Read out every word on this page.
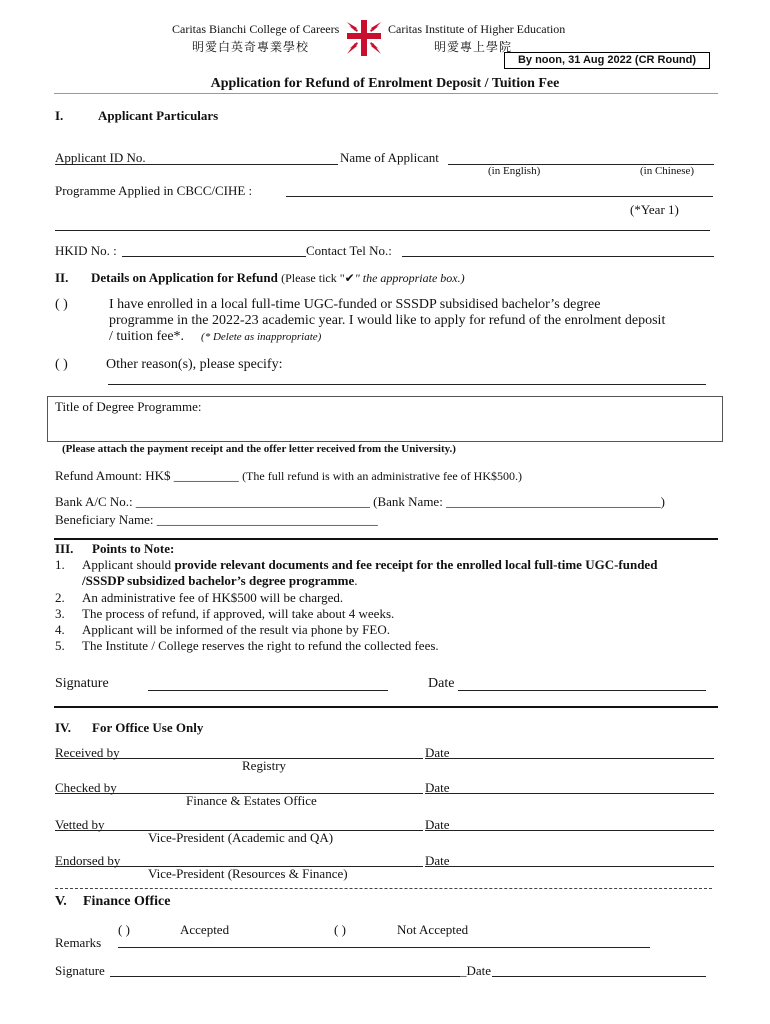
Caritas Bianchi College of Careers
明愛白英奇專業學校
Caritas Institute of Higher Education
明愛專上學院
By noon, 31 Aug 2022 (CR Round)
Application for Refund of Enrolment Deposit / Tuition Fee
I.	Applicant Particulars
Applicant ID No.	Name of Applicant
(in English)	(in Chinese)
Programme Applied in CBCC/CIHE :
(*Year 1)
HKID No. :	Contact Tel No.:
II. Details on Application for Refund (Please tick "✔" the appropriate box.)
( )	I have enrolled in a local full-time UGC-funded or SSSDP subsidised bachelor’s degree
programme in the 2022-23 academic year. I would like to apply for refund of the enrolment deposit
/ tuition fee*. (* Delete as inappropriate)
( )	Other reason(s), please specify:
Title of Degree Programme:
(Please attach the payment receipt and the offer letter received from the University.)
Refund Amount: HK$ __________ (The full refund is with an administrative fee of HK$500.)
Bank A/C No.: ____________________________________ (Bank Name: _________________________________)
Beneficiary Name: __________________________________
III. Points to Note:
1. Applicant should provide relevant documents and fee receipt for the enrolled local full-time UGC-funded
/SSSDP subsidized bachelor’s degree programme.
2. An administrative fee of HK$500 will be charged.
3. The process of refund, if approved, will take about 4 weeks.
4. Applicant will be informed of the result via phone by FEO.
5. The Institute / College reserves the right to refund the collected fees.
Signature	Date
IV. For Office Use Only
Received by	Date
Registry
Checked by	Date
Finance & Estates Office
Vetted by	Date
Vice-President (Academic and QA)
Endorsed by	Date
Vice-President (Resources & Finance)
V. Finance Office
( )	Accepted	( )	Not Accepted
Remarks
Signature	_Date
